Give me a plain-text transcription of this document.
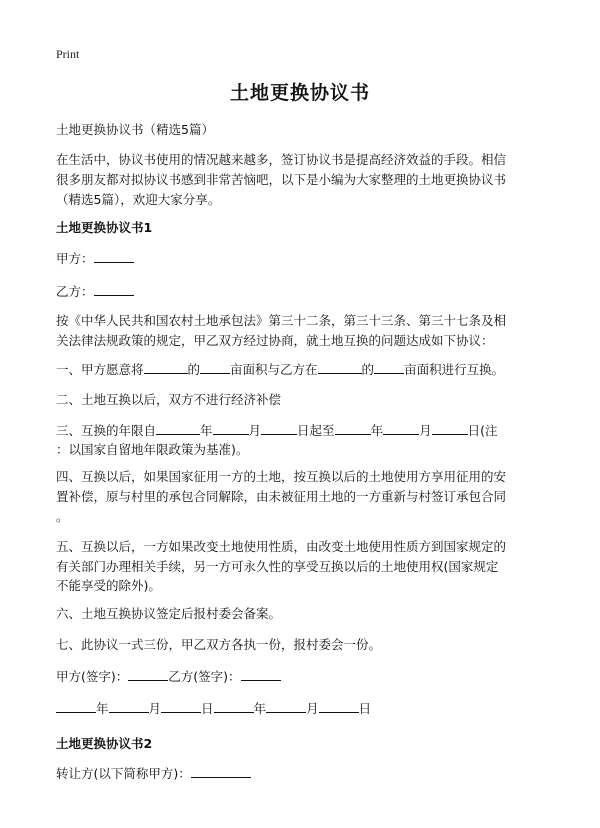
Print
土地更换协议书
土地更换协议书（精选5篇）
在生活中，协议书使用的情况越来越多，签订协议书是提高经济效益的手段。相信
很多朋友都对拟协议书感到非常苦恼吧，以下是小编为大家整理的土地更换协议书
（精选5篇），欢迎大家分享。
土地更换协议书1
甲方：
乙方：
按《中华人民共和国农村土地承包法》第三十二条，第三十三条、第三十七条及相
关法律法规政策的规定，甲乙双方经过协商，就土地互换的问题达成如下协议：
一、甲方愿意将	的 亩面积与乙方在	的 亩面积进行互换。
二、土地互换以后，双方不进行经济补偿
三、互换的年限自	年	月	日起至	年	月	日(注
：以国家自留地年限政策为基准)。
四、互换以后，如果国家征用一方的土地，按互换以后的土地使用方享用征用的安
置补偿，原与村里的承包合同解除，由未被征用土地的一方重新与村签订承包合同
。
五、互换以后，一方如果改变土地使用性质，由改变土地使用性质方到国家规定的
有关部门办理相关手续，另一方可永久性的享受互换以后的土地使用权(国家规定
不能享受的除外)。
六、土地互换协议签定后报村委会备案。
七、此协议一式三份，甲乙双方各执一份，报村委会一份。
甲方(签字)：	乙方(签字)：
年	月	日	年	月	日
土地更换协议书2
转让方(以下简称甲方)：
